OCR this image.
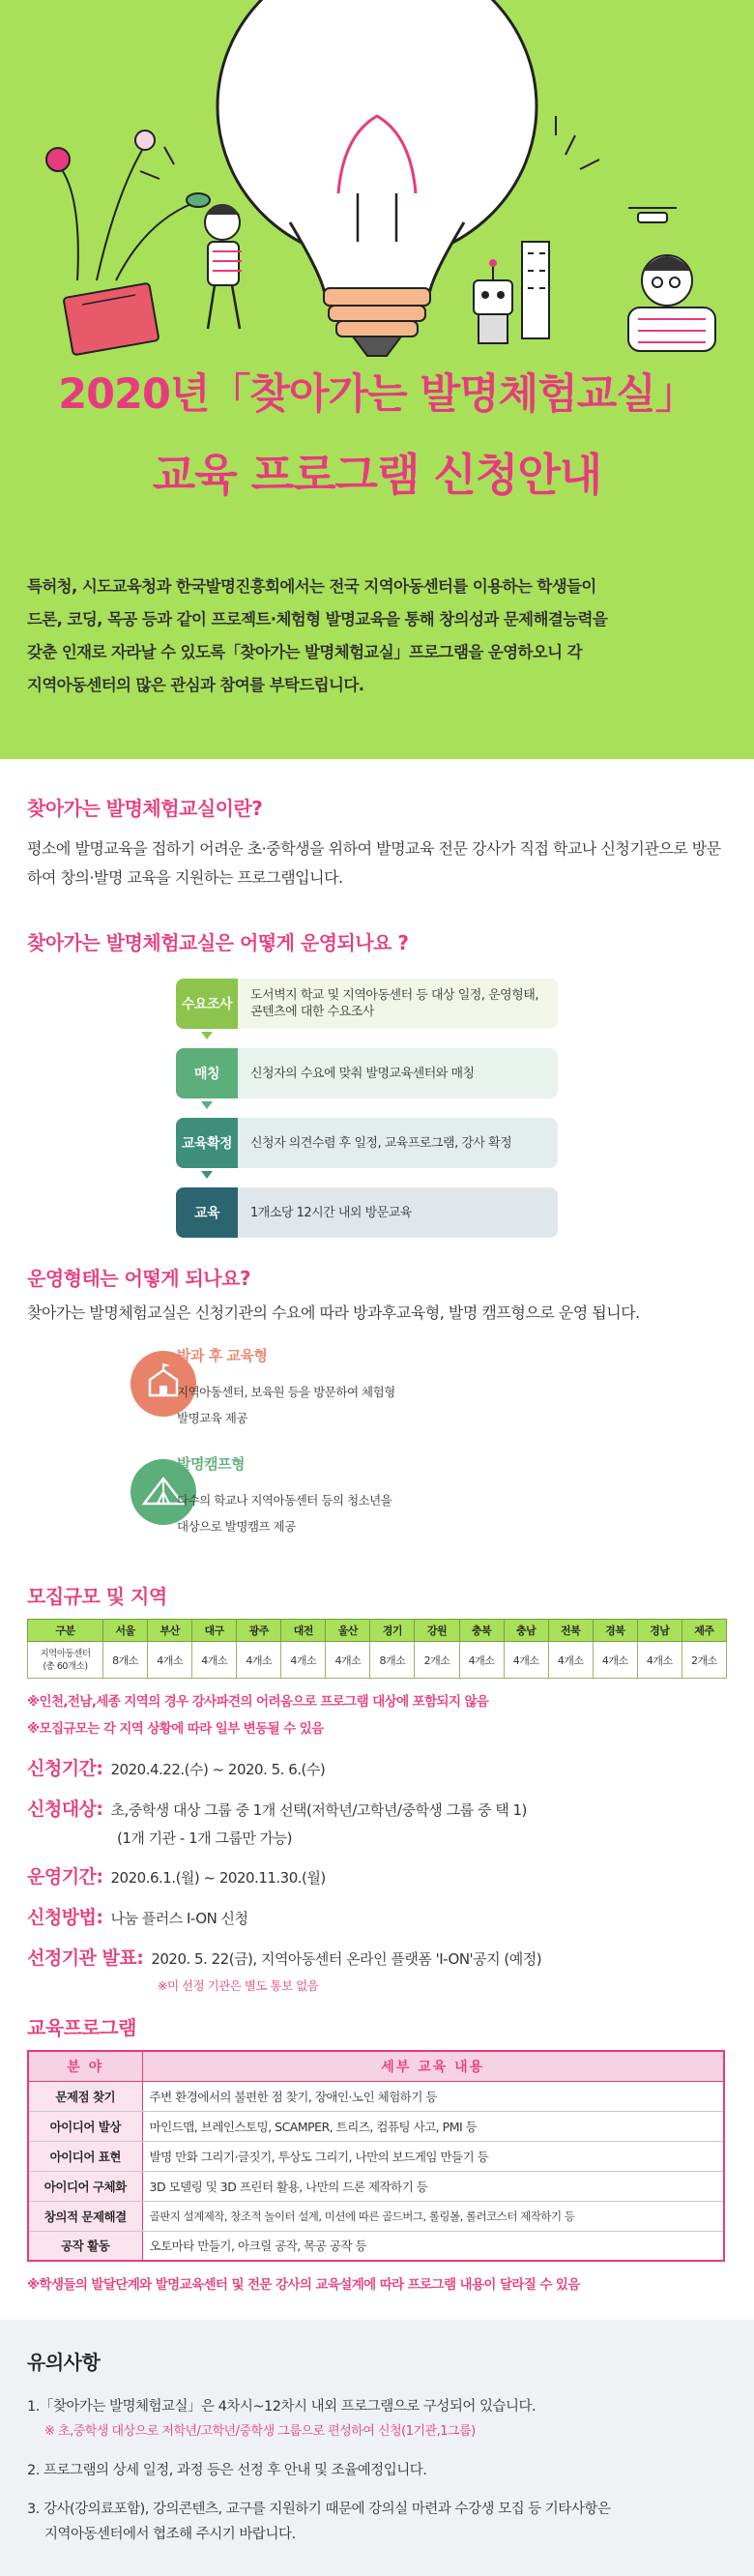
2020년「찾아가는 발명체험교실」
교육 프로그램 신청안내

특허청, 시도교육청과 한국발명진흥회에서는 전국 지역아동센터를 이용하는 학생들이

드론, 코딩, 목공 등과 같이 프로젝트·체험형 발명교육을 통해 창의성과 문제해결능력을

갖춘 인재로 자라날 수 있도록「찾아가는 발명체험교실」프로그램을 운영하오니 각

지역아동센터의 많은 관심과 참여를 부탁드립니다.

찾아가는 발명체험교실이란?
평소에 발명교육을 접하기 어려운 초·중학생을 위하여 발명교육 전문 강사가 직접 학교나 신청기관으로 방문하여 창의·발명 교육을 지원하는 프로그램입니다.
찾아가는 발명체험교실은 어떻게 운영되나요 ?
수요조사
도서벽지 학교 및 지역아동센터 등 대상 일정, 운영형태, 콘텐츠에 대한 수요조사
매칭	신청자의 수요에 맞춰 발명교육센터와 매칭
교육확정	신청자 의견수렴 후 일정, 교육프로그램, 강사 확정
교육	1개소당 12시간 내외 방문교육
운영형태는 어떻게 되나요?
찾아가는 발명체험교실은 신청기관의 수요에 따라 방과후교육형, 발명 캠프형으로 운영 됩니다.
방과 후 교육형
지역아동센터, 보육원 등을 방문하여 체험형
발명교육 제공
발명캠프형
다수의 학교나 지역아동센터 등의 청소년을
대상으로 발명캠프 제공
모집규모 및 지역
구분	서울	부산	대구	광주	대전	울산	경기	강원	충북	충남	전북	경북	경남	제주

지역아동센터
(총 60개소)	8개소	4개소	4개소	4개소	4개소	4개소	8개소	2개소	4개소	4개소	4개소	4개소	4개소	2개소
※인천,전남,세종 지역의 경우 강사파견의 어려움으로 프로그램 대상에 포함되지 않음
※모집규모는 각 지역 상황에 따라 일부 변동될 수 있음
신청기간: 2020.4.22.(수) ~ 2020. 5. 6.(수)
신청대상: 초,중학생 대상 그룹 중 1개 선택(저학년/고학년/중학생 그룹 중 택 1)
(1개 기관 - 1개 그룹만 가능)
운영기간: 2020.6.1.(월) ~ 2020.11.30.(월)
신청방법: 나눔 플러스 I-ON 신청
선정기관 발표: 2020. 5. 22(금), 지역아동센터 온라인 플랫폼 'I-ON'공지 (예정)
※미 선정 기관은 별도 통보 없음
교육프로그램
분 야	세부 교육 내용
문제점 찾기	주변 환경에서의 불편한 점 찾기, 장애인·노인 체험하기 등
아이디어 발상	마인드맵, 브레인스토밍, SCAMPER, 트리즈, 컴퓨팅 사고, PMI 등
아이디어 표현	발명 만화 그리기·글짓기, 투상도 그리기, 나만의 보드게임 만들기 등
아이디어 구체화	3D 모델링 및 3D 프린터 활용, 나만의 드론 제작하기 등
창의적 문제해결	골판지 설계제작, 창조적 놀이터 설계, 미션에 따른 골드버그, 롤링볼, 롤러코스터 제작하기 등
공작 활동	오토마타 만들기, 아크릴 공작, 목공 공작 등
※학생들의 발달단계와 발명교육센터 및 전문 강사의 교육설계에 따라 프로그램 내용이 달라질 수 있음
유의사항
1.「찾아가는 발명체험교실」은 4차시~12차시 내외 프로그램으로 구성되어 있습니다.
※ 초,중학생 대상으로 저학년/고학년/중학생 그룹으로 편성하여 신청(1기관,1그룹)
2. 프로그램의 상세 일정, 과정 등은 선정 후 안내 및 조율예정입니다.
3. 강사(강의료포함), 강의콘텐츠, 교구를 지원하기 때문에 강의실 마련과 수강생 모집 등 기타사항은
지역아동센터에서 협조해 주시기 바랍니다.
